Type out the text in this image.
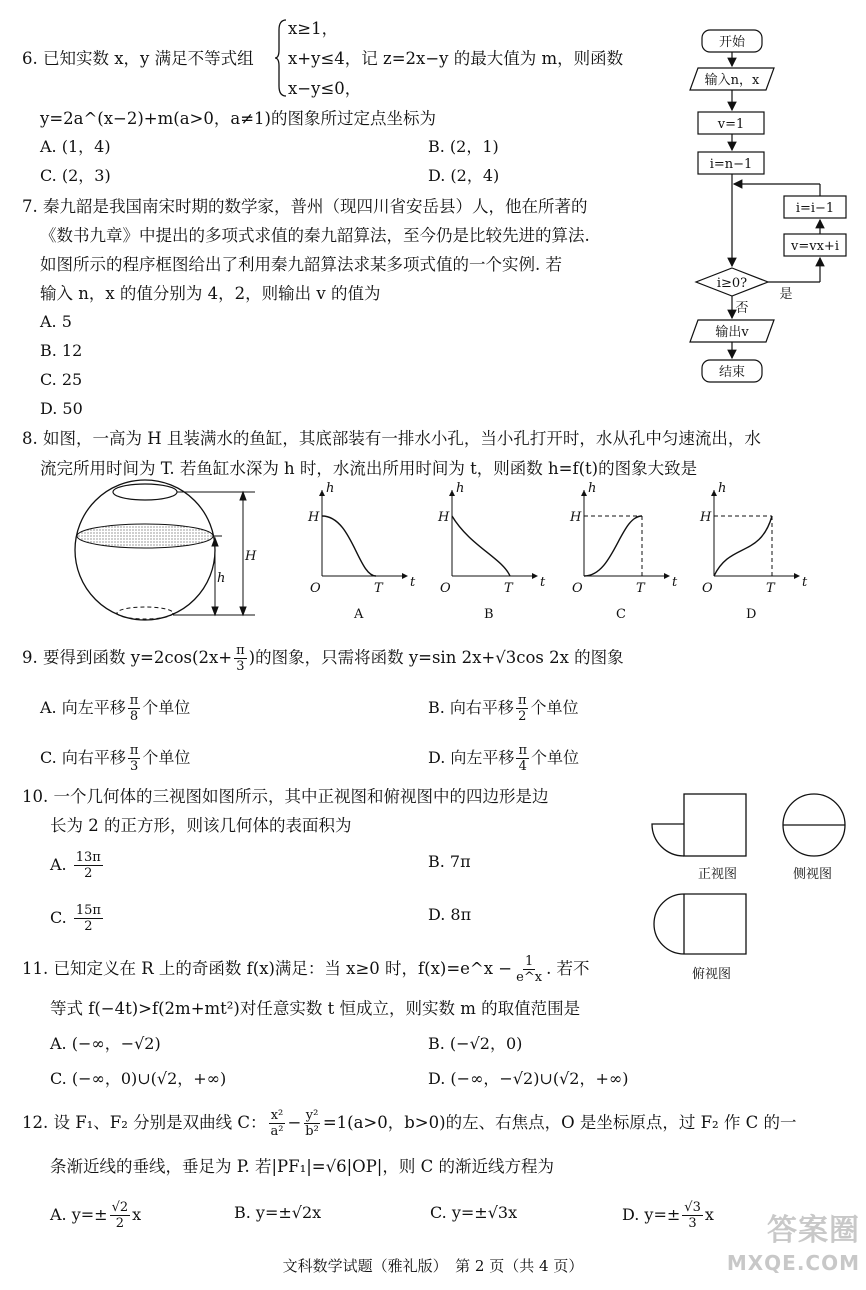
6. 已知实数 x，y 满足不等式组
x≥1，
x+y≤4，记 z=2x−y 的最大值为 m，则函数
x−y≤0，
y=2a^(x−2)+m(a>0，a≠1)的图象所过定点坐标为
A. (1，4)	B. (2，1)
C. (2，3)	D. (2，4)
开始
输入n，x
v=1
i=n−1
i≥0?
v=vx+i
i=i−1
是
否
输出v
结束
7. 秦九韶是我国南宋时期的数学家，普州（现四川省安岳县）人，他在所著的
《数书九章》中提出的多项式求值的秦九韶算法，至今仍是比较先进的算法.
如图所示的程序框图给出了利用秦九韶算法求某多项式值的一个实例. 若
输入 n，x 的值分别为 4，2，则输出 v 的值为
A. 5
B. 12
C. 25
D. 50
8. 如图，一高为 H 且装满水的鱼缸，其底部装有一排水小孔，当小孔打开时，水从孔中匀速流出，水
流完所用时间为 T. 若鱼缸水深为 h 时，水流出所用时间为 t，则函数 h=f(t)的图象大致是
H
h
h
H
O	T t
A
h
H
O	T t
B
h
H
O	T t
C
h
H
O	T t
D
9. 要得到函数 $y=2\cos(2x+ \frac{\pi}{3}$ )的图象，只需将函数 y=sin 2x+√3cos 2x 的图象
A. 向左平移 $\frac{\pi}{8}$ 个单位	B. 向右平移 $\frac{\pi}{2}$ 个单位
C. 向右平移 $\frac{\pi}{3}$ 个单位	D. 向左平移 $\frac{\pi}{4}$ 个单位
10. 一个几何体的三视图如图所示，其中正视图和俯视图中的四边形是边
长为 2 的正方形，则该几何体的表面积为
A. $\frac{13\pi}{2}$	B. 7π
C. $\frac{15\pi}{2}$	D. 8π
正视图	侧视图
俯视图
11. 已知定义在 R 上的奇函数 f(x)满足：当 x≥0 时，f(x)=e^x − $\frac{1}{e\^{}x}$ . 若不
等式 f(−4t)>f(2m+mt²)对任意实数 t 恒成立，则实数 m 的取值范围是
A. (−∞，−√2)	B. (−√2，0)
C. (−∞，0)∪(√2，+∞)	D. (−∞，−√2)∪(√2，+∞)
12. 设 F₁、F₂ 分别是双曲线 C： $\frac{\text{x²}}{\text{a²}} - \frac{\text{y²}}{\text{b²}} =1(a>0$，b>0)的左、右焦点，O 是坐标原点，过 F₂ 作 C 的一
条渐近线的垂线，垂足为 P. 若|PF₁|=√6|OP|，则 C 的渐近线方程为
A. $y=\pm \frac{√2}{2}$ x	B. y=±√2x	C. y=±√3x	D. $y=\pm \frac{√3}{3}$ x
文科数学试题（雅礼版）　第 2 页（共 4 页）
答案圈
MXQE.COM
